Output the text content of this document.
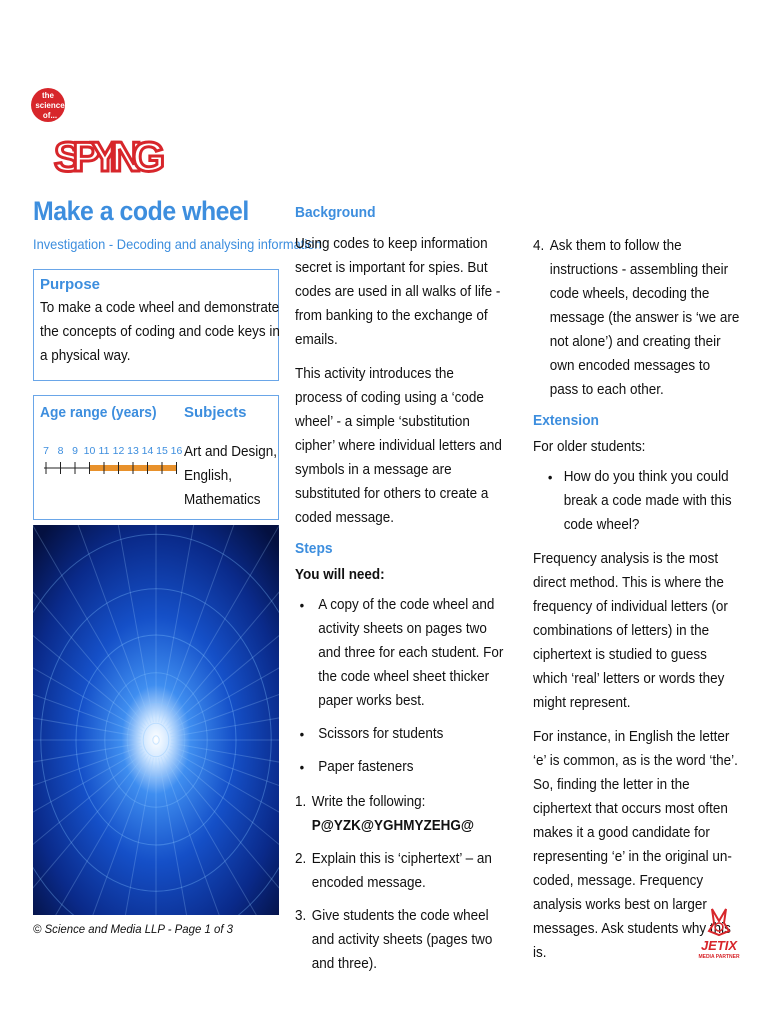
the
science
of...
SPYING
Make a code wheel
Investigation - Decoding and analysing information
Purpose
To make a code wheel and demonstrate the concepts of coding and code keys in a physical way.
Age range (years) Subjects
7 8 9 10 11 12 13 14 15 16 Art and Design,
English,
Mathematics
Background

Using codes to keep information secret is important for spies. But codes are used in all walks of life - from banking to the exchange of emails.

This activity introduces the process of coding using a ‘code wheel’ - a simple ‘substitution cipher’ where individual letters and symbols in a message are substituted for others to create a coded message.

Steps

You will need:

• A copy of the code wheel and activity sheets on pages two and three for each student. For the code wheel sheet thicker paper works best.
• Scissors for students
• Paper fasteners
1. Write the following:
P@YZK@YGHMYZEHG@
2. Explain this is ‘ciphertext’ – an encoded message.
3. Give students the code wheel and activity sheets (pages two and three).
4. Ask them to follow the instructions - assembling their code wheels, decoding the message (the answer is ‘we are not alone’) and creating their own encoded messages to pass to each other.
Extension

For older students:

• How do you think you could break a code made with this code wheel?

Frequency analysis is the most direct method. This is where the frequency of individual letters (or combinations of letters) in the ciphertext is studied to guess which ‘real’ letters or words they might represent.

For instance, in English the letter ‘e’ is common, as is the word ‘the’. So, finding the letter in the ciphertext that occurs most often makes it a good candidate for representing ‘e’ in the original un-coded, message. Frequency analysis works best on larger messages. Ask students why this is.

© Science and Media LLP - Page 1 of 3
JETIX
MEDIA PARTNER
